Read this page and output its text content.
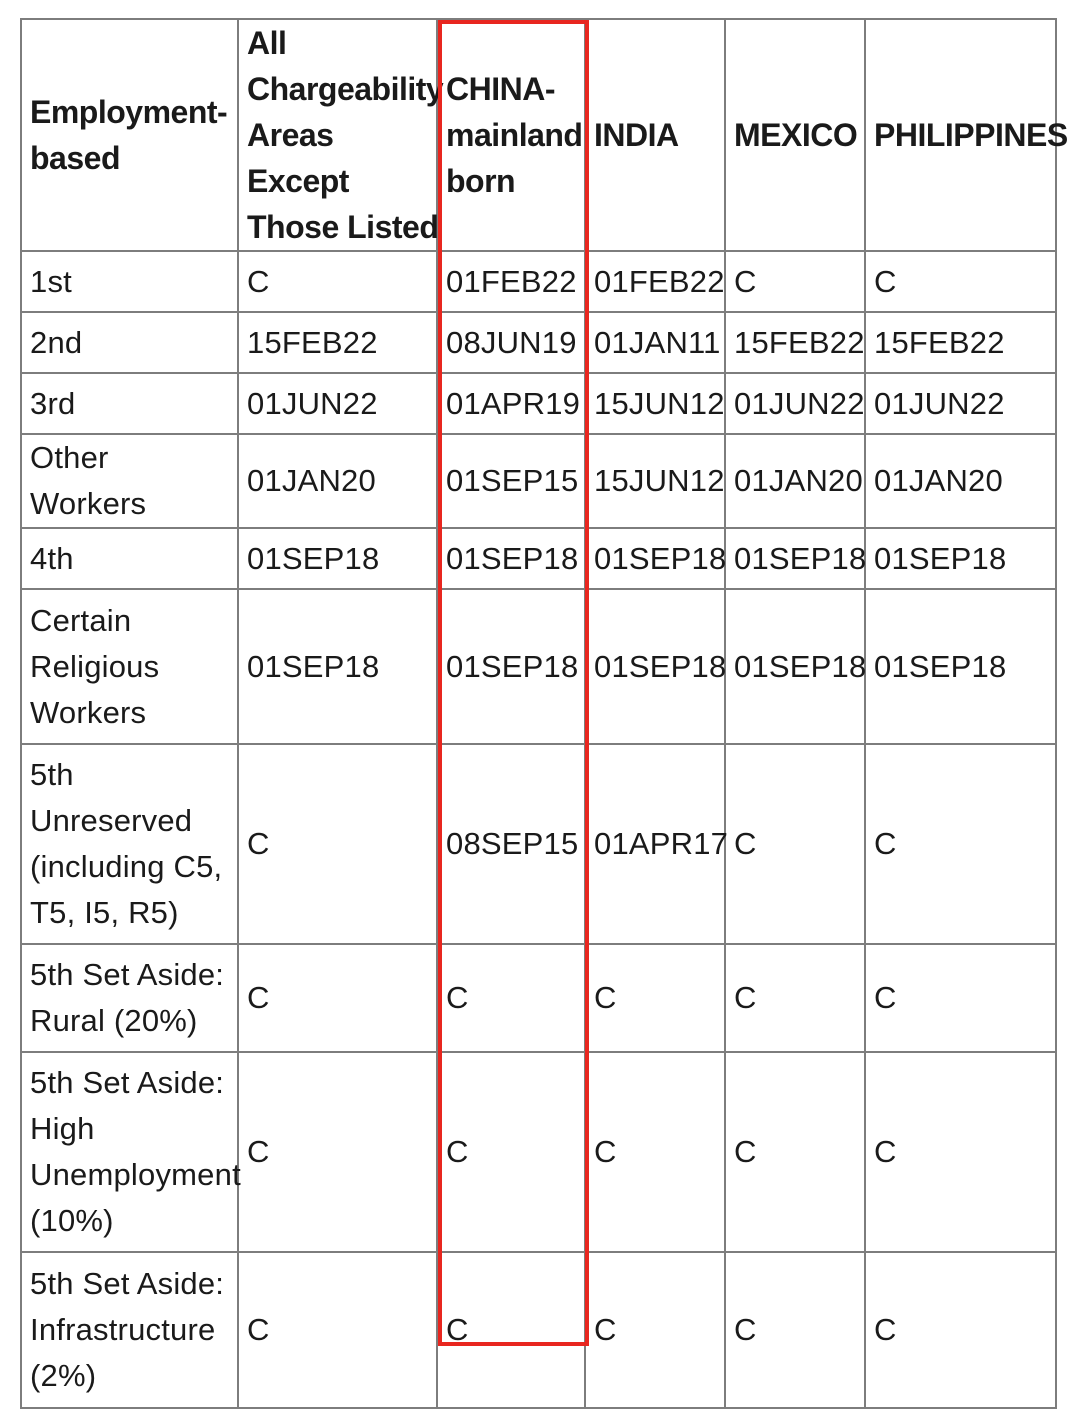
Employment-based	All Chargeability Areas Except Those Listed	CHINA-mainland born	INDIA	MEXICO	PHILIPPINES
1st	C	01FEB22	01FEB22	C	C
2nd	15FEB22	08JUN19	01JAN11	15FEB22	15FEB22
3rd	01JUN22	01APR19	15JUN12	01JUN22	01JUN22
Other Workers	01JAN20	01SEP15	15JUN12	01JAN20	01JAN20
4th	01SEP18	01SEP18	01SEP18	01SEP18	01SEP18
Certain Religious Workers	01SEP18	01SEP18	01SEP18	01SEP18	01SEP18
5th Unreserved (including C5, T5, I5, R5)	C	08SEP15	01APR17	C	C
5th Set Aside: Rural (20%)	C	C	C	C	C
5th Set Aside: High Unemployment (10%)	C	C	C	C	C
5th Set Aside: Infrastructure (2%)	C	C	C	C	C
